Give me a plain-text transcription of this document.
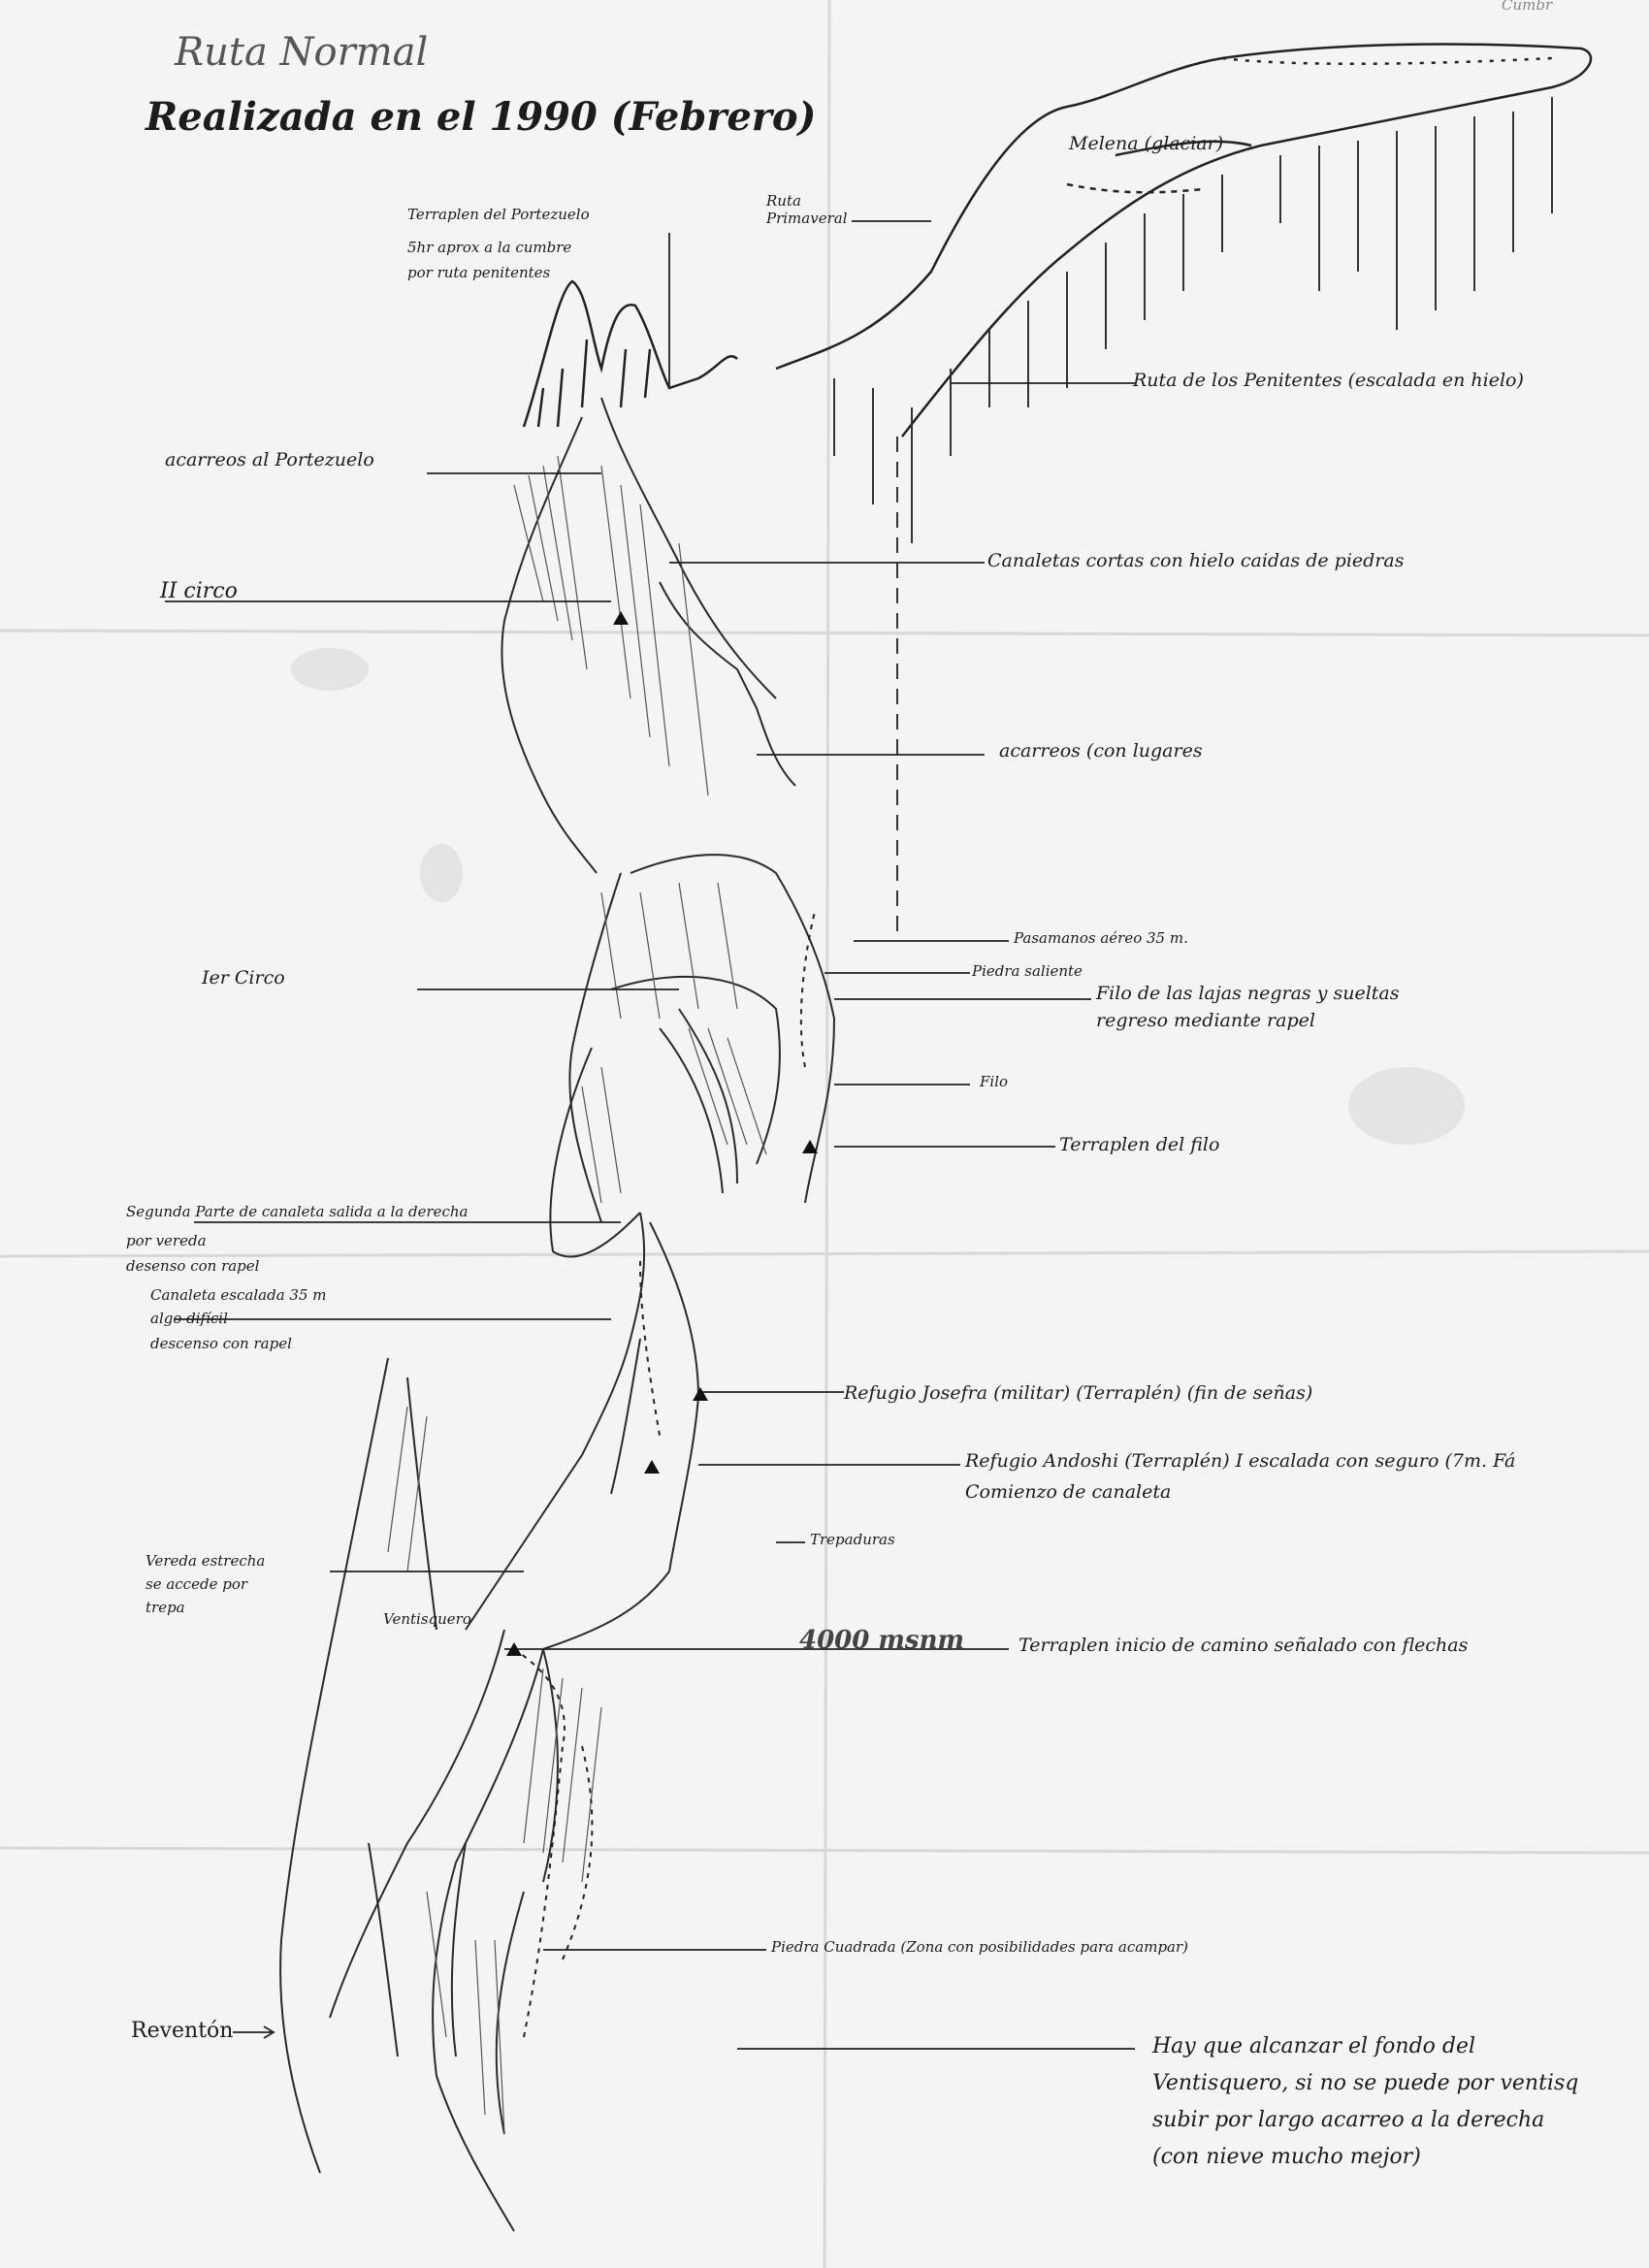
Ruta Normal
Realizada en el 1990 (Febrero)
Cumbr
Melena (glaciar)
Ruta
Primaveral
Terraplen del Portezuelo
5hr aprox a la cumbre
por ruta penitentes
Ruta de los Penitentes (escalada en hielo)
acarreos al Portezuelo
Canaletas cortas con hielo caidas de piedras
II circo
acarreos (con lugares
Pasamanos aéreo 35 m.
Piedra saliente
Ier Circo
Filo de las lajas negras y sueltas
regreso mediante rapel
Filo
Terraplen del filo
Segunda Parte de canaleta salida a la derecha
por vereda
desenso con rapel
Canaleta escalada 35 m
algo difícil
descenso con rapel
Refugio Josefra (militar) (Terraplén) (fin de señas)
Refugio Andoshi (Terraplén) I escalada con seguro (7m. Fá
Comienzo de canaleta
Trepaduras
Vereda estrecha
se accede por
trepa
Ventisquero
4000 msnm	Terraplen inicio de camino señalado con flechas
Piedra Cuadrada (Zona con posibilidades para acampar)
Reventón
Hay que alcanzar el fondo del
Ventisquero, si no se puede por ventisq
subir por largo acarreo a la derecha
(con nieve mucho mejor)
